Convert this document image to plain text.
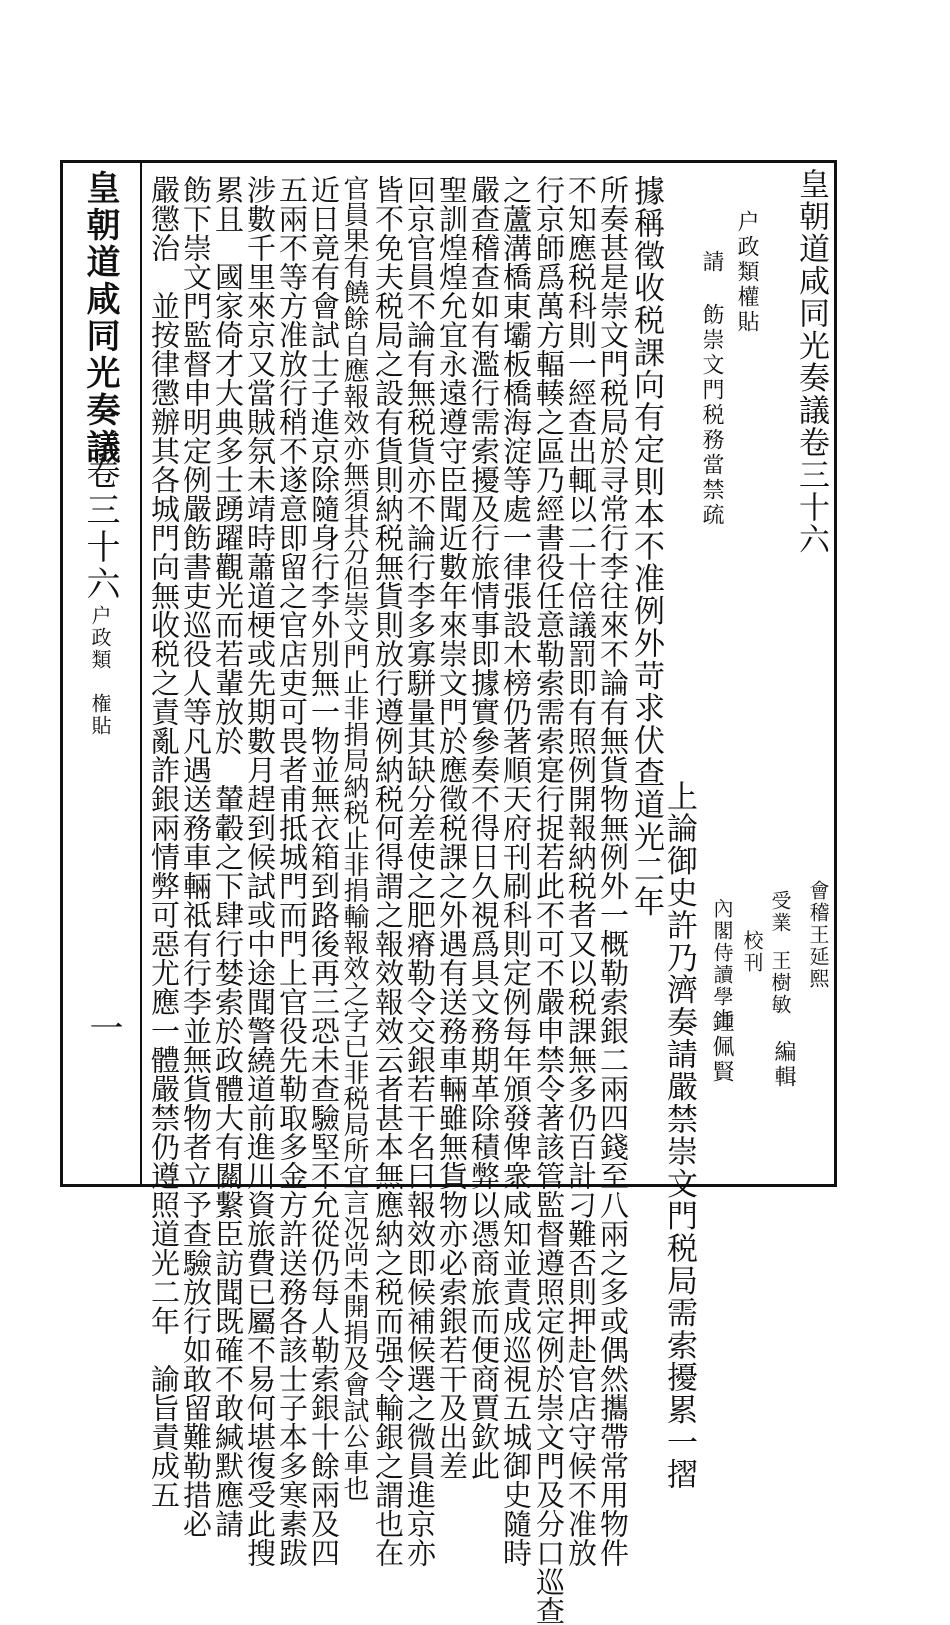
皇朝道咸同光奏議卷三十六
會稽王延熙
受業
王樹敏
編輯
內閣侍讀學士
鍾佩賢
校刊
户政類權貼
請 飭崇文門税務當禁疏
上論御史許乃濟奏請嚴禁崇文門税局需索擾累一摺
據稱徵收税課向有定則本不准例外苛求伏查道光二年
所奏甚是崇文門税局於寻常行李往來不論有無貨物無例外一概勒索銀二兩四錢至八兩之多或偶然攜帶常用物件
不知應税科則一經查出輒以二十倍議罰即有照例開報納税者又以税課無多仍百計刁難否則押赴官店守候不准放
行京師爲萬方輻輳之區乃經書役任意勒索需索寔行捉若此不可不嚴申禁令著該管監督遵照定例於崇文門及分口巡查
之蘆溝橋東壩板橋海淀等處一律張設木榜仍著順天府刊刷科則定例每年頒發俾衆咸知並責成巡視五城御史隨時
嚴查稽查如有濫行需索擾及行旅情事即據實參奏不得日久視爲具文務期革除積弊以憑商旅而便商賈欽此
聖訓煌煌允宜永遠遵守臣聞近數年來崇文門於應徵税課之外遇有送務車輛雖無貨物亦必索銀若干及出差
回京官員不論有無税貨亦不論行李多寡駢量其缺分差使之肥瘠勒令交銀若干名曰報效即候補候選之微員進京亦
皆不免夫税局之設有貨則納税無貨則放行遵例納税何得謂之報效報效云者甚本無應納之税而强令輸銀之謂也在
官員果有饒餘自應報效亦無須其分但崇文門止非捐局納税止非捐輸報效之字已非税局所宜言况尚未開捐及會試公車也
近日竟有會試士子進京除隨身行李外別無一物並無衣箱到路後再三恐未查驗堅不允從仍每人勒索銀十餘兩及四
五兩不等方准放行稍不遂意即留之官店吏可畏者甫抵城門而門上官役先勒取多金方許送務各該士子本多寒素跋
涉數千里來京又當賊氛未靖時蕭道梗或先期數月趕到候試或中途聞警繞道前進川資旅費已屬不易何堪復受此搜
累且　國家倚才大典多士踴躍觀光而若輩放於　輦轂之下肆行婪索於政體大有關繫臣訪聞既確不敢緘默應請
飭下崇文門監督申明定例嚴飭書吏巡役人等凡遇送務車輛祗有行李並無貨物者立予查驗放行如敢留難勒措必
嚴懲治　並按律懲辦其各城門向無收税之責亂詐銀兩情弊可惡尤應一體嚴禁仍遵照道光二年　諭旨責成五
皇朝道咸同光奏議
卷三十六
户政類　権貼
一
